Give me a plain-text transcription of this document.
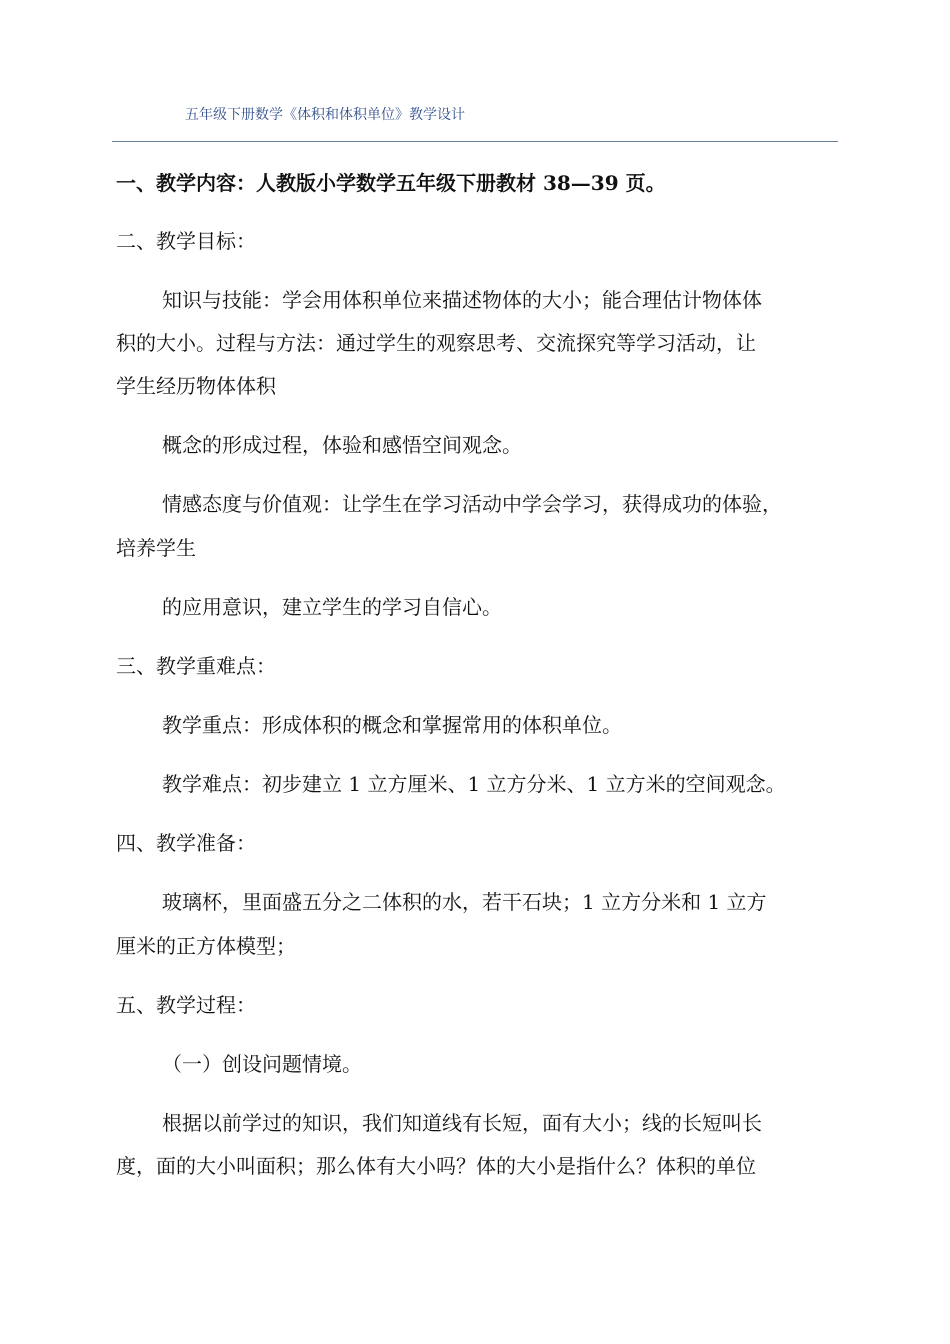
五年级下册数学《体积和体积单位》教学设计
一、教学内容：人教版小学数学五年级下册教材 38—39 页。
二、教学目标：
知识与技能：学会用体积单位来描述物体的大小；能合理估计物体体
积的大小。过程与方法：通过学生的观察思考、交流探究等学习活动，让
学生经历物体体积
概念的形成过程，体验和感悟空间观念。
情感态度与价值观：让学生在学习活动中学会学习，获得成功的体验，
培养学生
的应用意识，建立学生的学习自信心。
三、教学重难点：
教学重点：形成体积的概念和掌握常用的体积单位。
教学难点：初步建立 1 立方厘米、1 立方分米、1 立方米的空间观念。
四、教学准备：
玻璃杯，里面盛五分之二体积的水，若干石块；1 立方分米和 1 立方
厘米的正方体模型；
五、教学过程：
（一）创设问题情境。
根据以前学过的知识，我们知道线有长短，面有大小；线的长短叫长
度，面的大小叫面积；那么体有大小吗？体的大小是指什么？体积的单位
